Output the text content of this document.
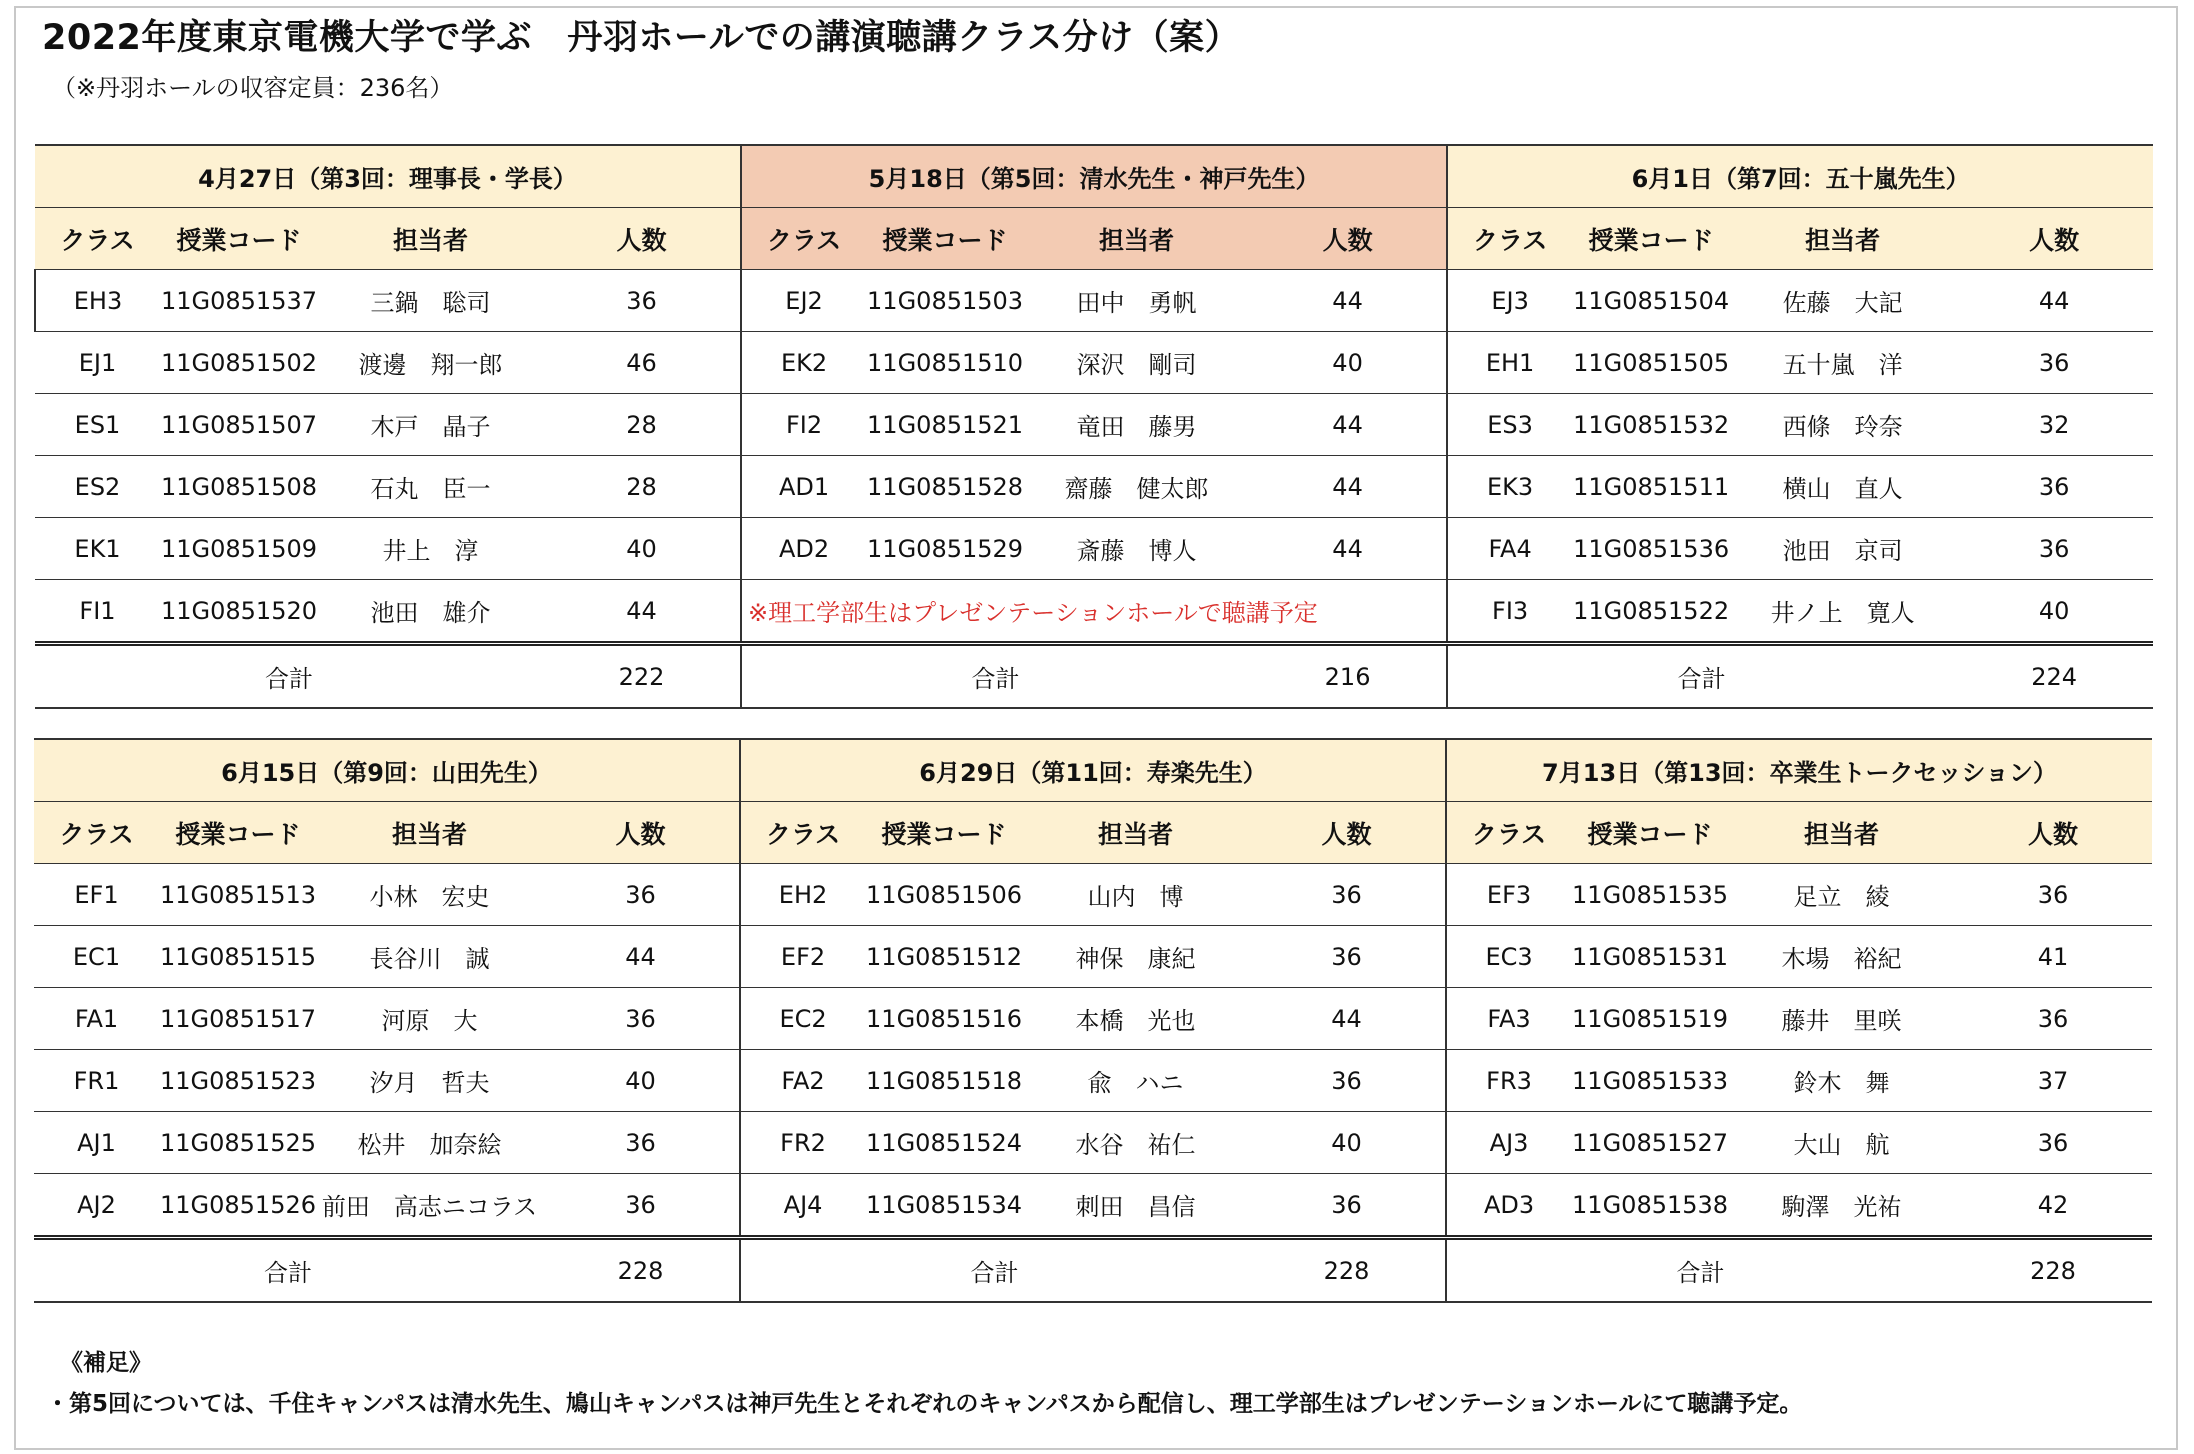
2022年度東京電機大学で学ぶ　丹羽ホールでの講演聴講クラス分け（案）
（※丹羽ホールの収容定員：236名）
4月27日（第3回：理事長・学長）				5月18日（第5回：清水先生・神戸先生）				6月1日（第7回：五十嵐先生）			
クラス	授業コード	担当者	人数	クラス	授業コード	担当者	人数	クラス	授業コード	担当者	人数
EH3	11G0851537	三鍋　聡司	36	EJ2	11G0851503	田中　勇帆	44	EJ3	11G0851504	佐藤　大記	44
EJ1	11G0851502	渡邊　翔一郎	46	EK2	11G0851510	深沢　剛司	40	EH1	11G0851505	五十嵐　洋	36
ES1	11G0851507	木戸　晶子	28	FI2	11G0851521	竜田　藤男	44	ES3	11G0851532	西條　玲奈	32
ES2	11G0851508	石丸　臣一	28	AD1	11G0851528	齋藤　健太郎	44	EK3	11G0851511	横山　直人	36
EK1	11G0851509	井上　淳	40	AD2	11G0851529	斎藤　博人	44	FA4	11G0851536	池田　京司	36
FI1	11G0851520	池田　雄介	44	※理工学部生はプレゼンテーションホールで聴講予定				FI3	11G0851522	井ノ上　寛人	40
合計			222	合計			216	合計			224
6月15日（第9回：山田先生）				6月29日（第11回：寿楽先生）				7月13日（第13回：卒業生トークセッション）			
クラス	授業コード	担当者	人数	クラス	授業コード	担当者	人数	クラス	授業コード	担当者	人数
EF1	11G0851513	小林　宏史	36	EH2	11G0851506	山内　博	36	EF3	11G0851535	足立　綾	36
EC1	11G0851515	長谷川　誠	44	EF2	11G0851512	神保　康紀	36	EC3	11G0851531	木場　裕紀	41
FA1	11G0851517	河原　大	36	EC2	11G0851516	本橋　光也	44	FA3	11G0851519	藤井　里咲	36
FR1	11G0851523	汐月　哲夫	40	FA2	11G0851518	兪　ハニ	36	FR3	11G0851533	鈴木　舞	37
AJ1	11G0851525	松井　加奈絵	36	FR2	11G0851524	水谷　祐仁	40	AJ3	11G0851527	大山　航	36
AJ2	11G0851526	前田　高志ニコラス	36	AJ4	11G0851534	刺田　昌信	36	AD3	11G0851538	駒澤　光祐	42
合計			228	合計			228	合計			228
《補足》
・第5回については、千住キャンパスは清水先生、鳩山キャンパスは神戸先生とそれぞれのキャンパスから配信し、理工学部生はプレゼンテーションホールにて聴講予定。
